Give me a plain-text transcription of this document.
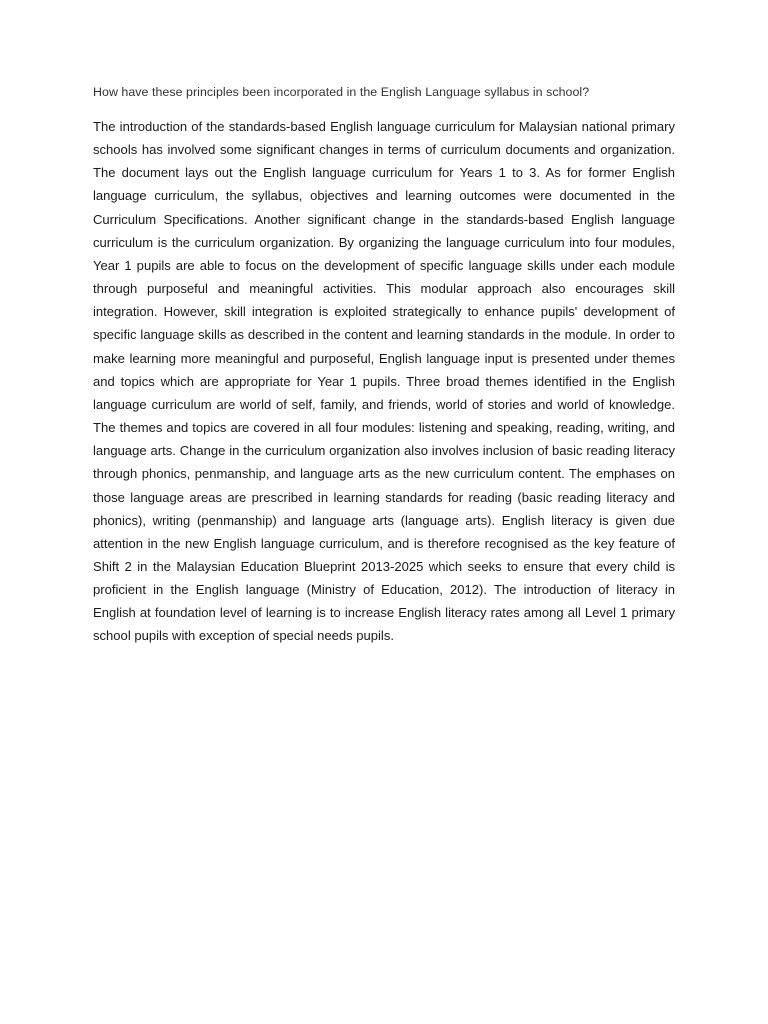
How have these principles been incorporated in the English Language syllabus in school?

The introduction of the standards-based English language curriculum for Malaysian national primary schools has involved some significant changes in terms of curriculum documents and organization. The document lays out the English language curriculum for Years 1 to 3. As for former English language curriculum, the syllabus, objectives and learning outcomes were documented in the Curriculum Specifications. Another significant change in the standards-based English language curriculum is the curriculum organization. By organizing the language curriculum into four modules, Year 1 pupils are able to focus on the development of specific language skills under each module through purposeful and meaningful activities. This modular approach also encourages skill integration. However, skill integration is exploited strategically to enhance pupils' development of specific language skills as described in the content and learning standards in the module. In order to make learning more meaningful and purposeful, English language input is presented under themes and topics which are appropriate for Year 1 pupils. Three broad themes identified in the English language curriculum are world of self, family, and friends, world of stories and world of knowledge. The themes and topics are covered in all four modules: listening and speaking, reading, writing, and language arts. Change in the curriculum organization also involves inclusion of basic reading literacy through phonics, penmanship, and language arts as the new curriculum content. The emphases on those language areas are prescribed in learning standards for reading (basic reading literacy and phonics), writing (penmanship) and language arts (language arts). English literacy is given due attention in the new English language curriculum, and is therefore recognised as the key feature of Shift 2 in the Malaysian Education Blueprint 2013-2025 which seeks to ensure that every child is proficient in the English language (Ministry of Education, 2012). The introduction of literacy in English at foundation level of learning is to increase English literacy rates among all Level 1 primary school pupils with exception of special needs pupils.
